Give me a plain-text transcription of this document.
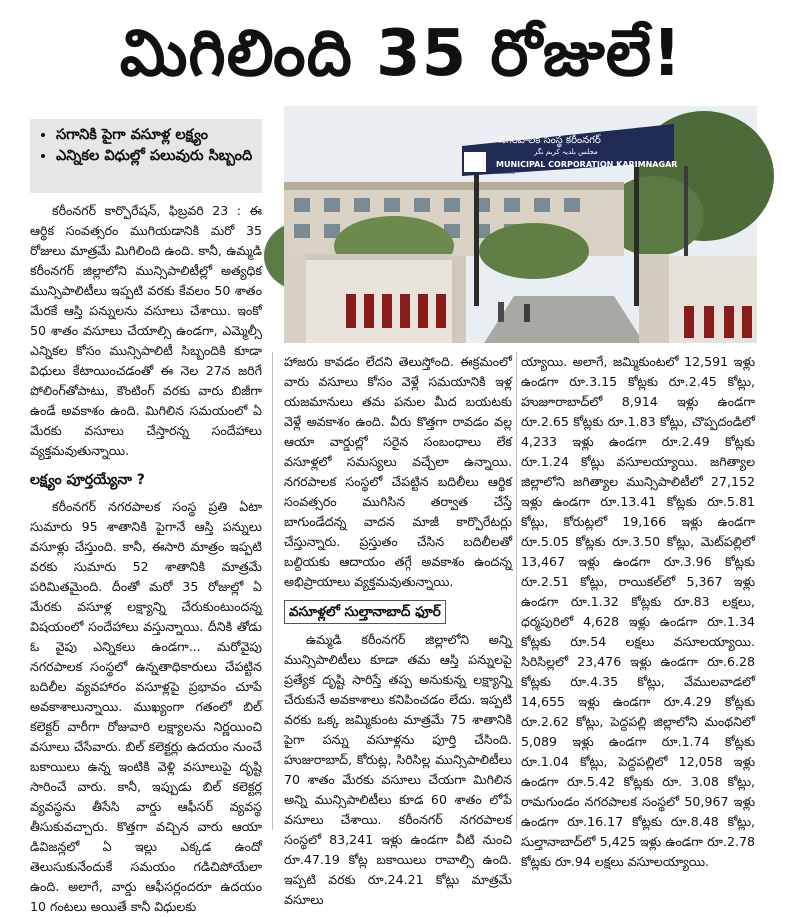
మిగిలింది 35 రోజులే!
• సగానికి పైగా వసూళ్ల లక్ష్యం
• ఎన్నికల విధుల్లో పలువురు సిబ్బంది
నగరపాలక సంస్థ కరీంనగర్
مجلس بلدیہ کریم نگر
MUNICIPAL CORPORATION KARIMNAGAR
MUNICIPAL CORPORATION KARIMNAGAR

కరీంనగర్ కార్పొరేషన్, ఫిబ్రవరి 23 : ఈ ఆర్థిక సంవత్సరం ముగియడానికి మరో 35 రోజులు మాత్రమే మిగిలింది ఉంది. కానీ, ఉమ్మడి కరీంనగర్ జిల్లాలోని మున్సిపాలిటీల్లో అత్యధిక మున్సిపాలిటీలు ఇప్పటి వరకు కేవలం 50 శాతం మేరకే ఆస్తి పన్నులను వసూలు చేశాయి. ఇంకో 50 శాతం వసూలు చేయాల్సి ఉండగా, ఎమ్మెల్సీ ఎన్నికల కోసం మున్సిపాలిటీ సిబ్బందికి కూడా విధులు కేటాయించడంతో ఈ నెల 27న జరిగే పోలింగ్‌తోపాటు, కౌంటింగ్ వరకు వారు బిజీగా ఉండే అవకాశం ఉంది. మిగిలిన సమయంలో ఏ మేరకు వసూలు చేస్తారన్న సందేహాలు వ్యక్తమవుతున్నాయి.

లక్ష్యం పూర్తయ్యేనా ?

కరీంనగర్ నగరపాలక సంస్థ ప్రతి ఏటా సుమారు 95 శాతానికి పైగానే ఆస్తి పన్నులు వసూళ్లు చేస్తుంది. కానీ, ఈసారి మాత్రం ఇప్పటి వరకు సుమారు 52 శాతానికి మాత్రమే పరిమితమైంది. దీంతో మరో 35 రోజుల్లో ఏ మేరకు వసూళ్ల లక్ష్యాన్ని చేరుకుంటుందన్న విషయంలో సందేహాలు వస్తున్నాయి. దీనికి తోడు ఓ వైపు ఎన్నికలు ఉండగా... మరోవైపు నగరపాలక సంస్థలో ఉన్నతాధికారులు చేపట్టిన బదిలీల వ్యవహారం వసూళ్లపై ప్రభావం చూపే అవకాశాలున్నాయి. ముఖ్యంగా గతంలో బిల్ కలెక్టర్ వారీగా రోజువారి లక్ష్యాలను నిర్ణయించి వసూలు చేసేవారు. బిల్ కలెక్టర్లు ఉదయం నుంచే బకాయిలు ఉన్న ఇంటికి వెళ్లి వసూలుపై దృష్టి సారించే వారు. కానీ, ఇప్పుడు బిల్ కలెక్టర్ల వ్యవస్థను తీసేసి వార్డు ఆఫీసర్ వ్యవస్థ తీసుకువచ్చారు. కొత్తగా వచ్చిన వారు ఆయా డివిజన్లలో ఏ ఇల్లు ఎక్కడ ఉందో తెలుసుకునేందుకే సమయం గడిచిపోయేలా ఉంది. అలాగే, వార్డు ఆఫీసర్లందరూ ఉదయం 10 గంటలు అయితే కానీ విధులకు

హాజరు కావడం లేదని తెలుస్తోంది. ఈక్రమంలో వారు వసూలు కోసం వెళ్లే సమయానికి ఇళ్ల యజమానులు తమ పనుల మీద బయటకు వెళ్లే అవకాశం ఉంది. వీరు కొత్తగా రావడం వల్ల ఆయా వార్డుల్లో సరైన సంబంధాలు లేక వసూళ్లలో సమస్యలు వచ్చేలా ఉన్నాయి. నగరపాలక సంస్థలో చేపట్టిన బదిలీలు ఆర్థిక సంవత్సరం ముగిసిన తర్వాత చేస్తే బాగుండేదన్న వాదన మాజీ కార్పొరేటర్లు చేస్తున్నారు. ప్రస్తుతం చేసిన బదిలీలతో బల్దియకు ఆదాయం తగ్గే అవకాశం ఉందన్న అభిప్రాయాలు వ్యక్తమవుతున్నాయి.

వసూళ్లలో సుల్తానాబాద్ ఫూర్

ఉమ్మడి కరీంనగర్ జిల్లాలోని అన్ని మున్సిపాలిటీలు కూడా తమ ఆస్తి పన్నులపై ప్రత్యేక దృష్టి సారిస్తే తప్ప అనుకున్న లక్ష్యాన్ని చేరుకునే అవకాశాలు కనిపించడం లేదు. ఇప్పటి వరకు ఒక్క జమ్మికుంట మాత్రమే 75 శాతానికి పైగా పన్ను వసూళ్లను పూర్తి చేసింది. హుజురాబాద్, కోరుట్ల, సిరిసిల్ల మున్సిపాలిటీలు 70 శాతం మేరకు వసూలు చేయగా మిగిలిన అన్ని మున్సిపాలిటీలు కూడ 60 శాతం లోపే వసూలు చేశాయి. కరీంనగర్ నగరపాలక సంస్థలో 83,241 ఇళ్లు ఉండగా వీటి నుంచి రూ.47.19 కోట్ల బకాయిలు రావాల్సి ఉంది. ఇప్పటి వరకు రూ.24.21 కోట్లు మాత్రమే వసూలు

య్యాయి. అలాగే, జమ్మికుంటలో 12,591 ఇళ్లు ఉండగా రూ.3.15 కోట్లకు రూ.2.45 కోట్లు, హుజూరాబాద్‌లో 8,914 ఇళ్లు ఉండగా రూ.2.65 కోట్లకు రూ.1.83 కోట్లు, చొప్పదండిలో 4,233 ఇళ్లు ఉండగా రూ.2.49 కోట్లకు రూ.1.24 కోట్లు వసూలయ్యాయి. జగిత్యాల జిల్లాలోని జగిత్యాల మున్సిపాలిటీలో 27,152 ఇళ్లు ఉండగా రూ.13.41 కోట్లకు రూ.5.81 కోట్లు, కోరుట్లలో 19,166 ఇళ్లు ఉండగా రూ.5.05 కోట్లకు రూ.3.50 కోట్లు, మెట్‌పల్లిలో 13,467 ఇళ్లు ఉండగా రూ.3.96 కోట్లకు రూ.2.51 కోట్లు, రాయికల్‌లో 5,367 ఇళ్లు ఉండగా రూ.1.32 కోట్లకు రూ.83 లక్షలు, ధర్మపురిలో 4,628 ఇళ్లు ఉండగా రూ.1.34 కోట్లకు రూ.54 లక్షలు వసూలయ్యాయి. సిరిసిల్లలో 23,476 ఇళ్లు ఉండగా రూ.6.28 కోట్లకు రూ.4.35 కోట్లు, వేములవాడలో 14,655 ఇళ్లు ఉండగా రూ.4.29 కోట్లకు రూ.2.62 కోట్లు, పెద్దపల్లి జిల్లాలోని మంథనిలో 5,089 ఇళ్లు ఉండగా రూ.1.74 కోట్లకు రూ.1.04 కోట్లు, పెద్దపల్లిలో 12,058 ఇళ్లు ఉండగా రూ.5.42 కోట్లకు రూ. 3.08 కోట్లు, రామగుండం నగరపాలక సంస్థలో 50,967 ఇళ్లు ఉండగా రూ.16.17 కోట్లకు రూ.8.48 కోట్లు, సుల్తానాబాద్‌లో 5,425 ఇళ్లు ఉండగా రూ.2.78 కోట్లకు రూ.94 లక్షలు వసూలయ్యాయి.
